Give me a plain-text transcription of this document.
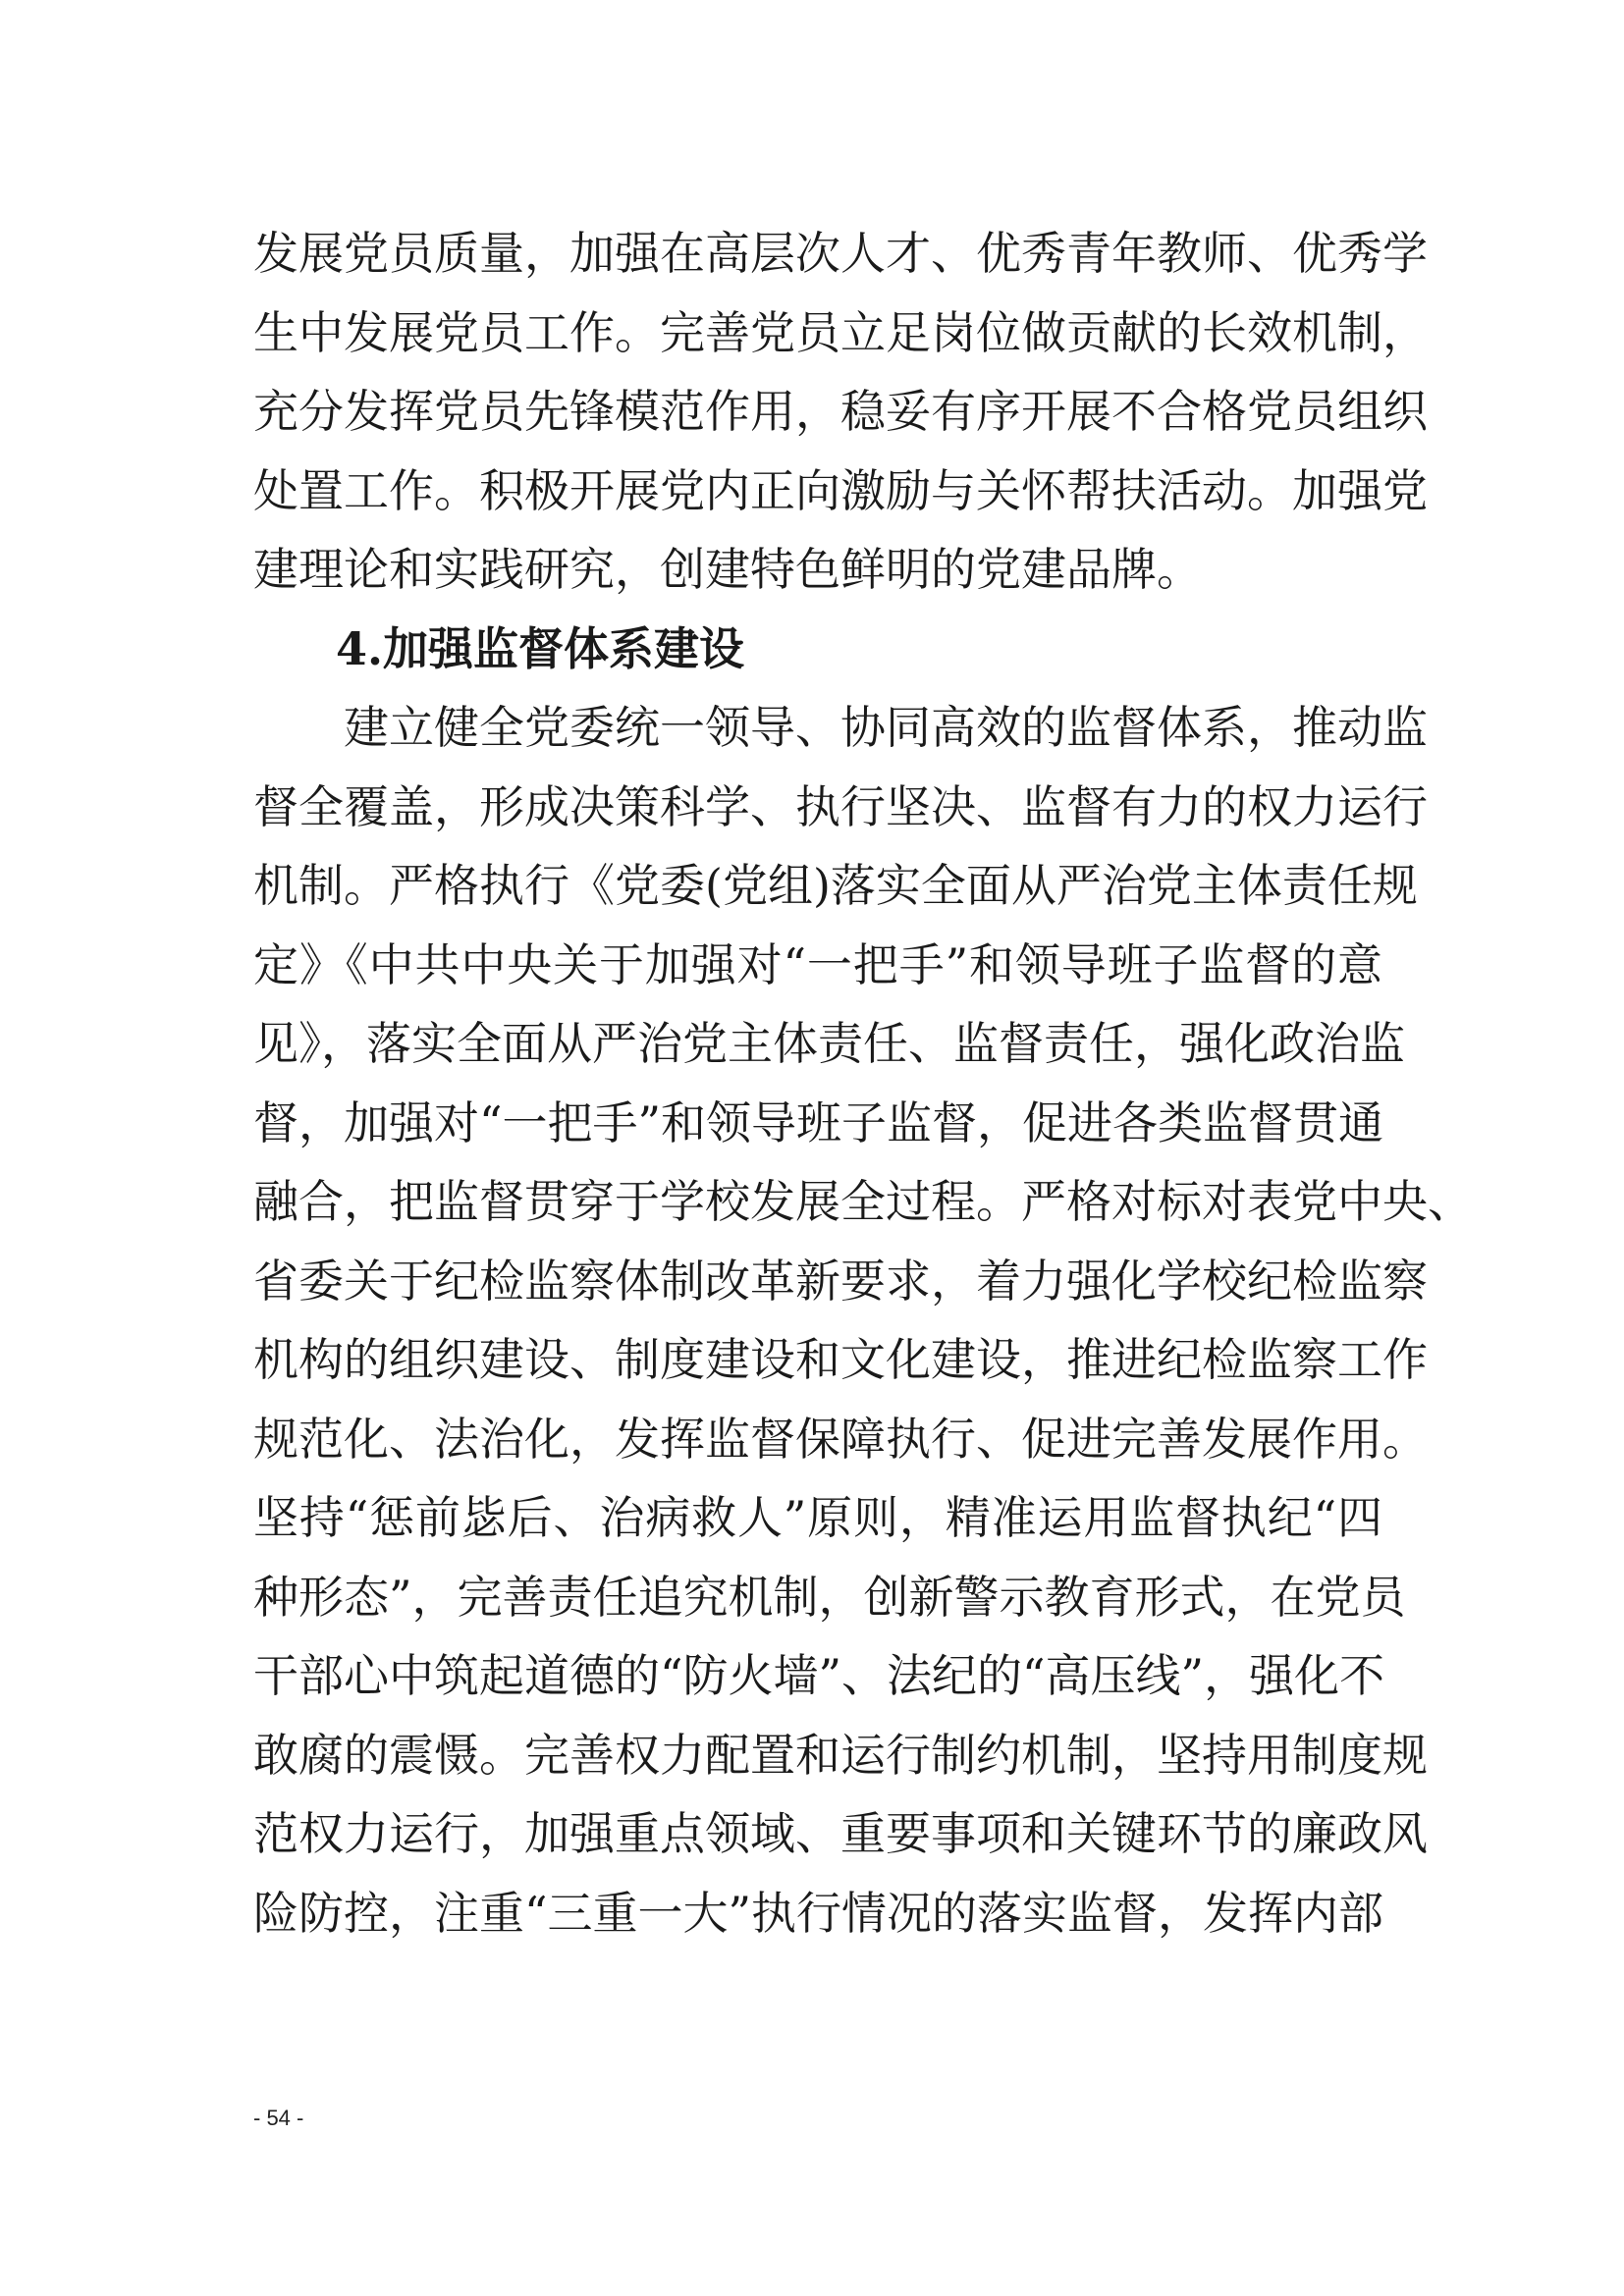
发展党员质量，加强在高层次人才、优秀青年教师、优秀学
生中发展党员工作。完善党员立足岗位做贡献的长效机制，
充分发挥党员先锋模范作用，稳妥有序开展不合格党员组织
处置工作。积极开展党内正向激励与关怀帮扶活动。加强党
建理论和实践研究，创建特色鲜明的党建品牌。
4.加强监督体系建设
　　建立健全党委统一领导、协同高效的监督体系，推动监
督全覆盖，形成决策科学、执行坚决、监督有力的权力运行
机制。严格执行《党委(党组)落实全面从严治党主体责任规
定》《中共中央关于加强对“一把手”和领导班子监督的意
见》，落实全面从严治党主体责任、监督责任，强化政治监
督，加强对“一把手”和领导班子监督，促进各类监督贯通
融合，把监督贯穿于学校发展全过程。严格对标对表党中央、
省委关于纪检监察体制改革新要求，着力强化学校纪检监察
机构的组织建设、制度建设和文化建设，推进纪检监察工作
规范化、法治化，发挥监督保障执行、促进完善发展作用。
坚持“惩前毖后、治病救人”原则，精准运用监督执纪“四
种形态”，完善责任追究机制，创新警示教育形式，在党员
干部心中筑起道德的“防火墙”、法纪的“高压线”，强化不
敢腐的震慑。完善权力配置和运行制约机制，坚持用制度规
范权力运行，加强重点领域、重要事项和关键环节的廉政风
险防控，注重“三重一大”执行情况的落实监督，发挥内部
- 54 -
